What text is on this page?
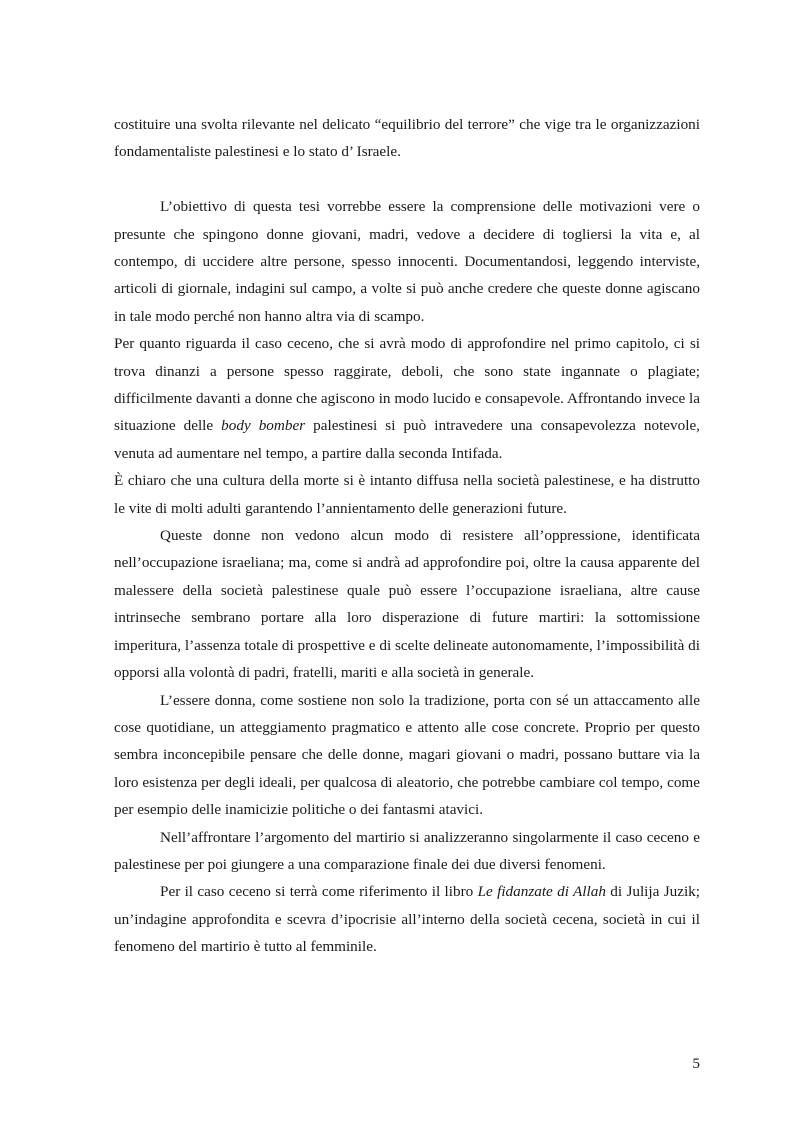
costituire una svolta rilevante nel delicato “equilibrio del terrore” che vige tra le organizzazioni fondamentaliste palestinesi e lo stato d’ Israele.

L’obiettivo di questa tesi vorrebbe essere la comprensione delle motivazioni vere o presunte che spingono donne giovani, madri, vedove a decidere di togliersi la vita e, al contempo, di uccidere altre persone, spesso innocenti. Documentandosi, leggendo interviste, articoli di giornale, indagini sul campo, a volte si può anche credere che queste donne agiscano in tale modo perché non hanno altra via di scampo.

Per quanto riguarda il caso ceceno, che si avrà modo di approfondire nel primo capitolo, ci si trova dinanzi a persone spesso raggirate, deboli, che sono state ingannate o plagiate; difficilmente davanti a donne che agiscono in modo lucido e consapevole. Affrontando invece la situazione delle body bomber palestinesi si può intravedere una consapevolezza notevole, venuta ad aumentare nel tempo, a partire dalla seconda Intifada.

È chiaro che una cultura della morte si è intanto diffusa nella società palestinese, e ha distrutto le vite di molti adulti garantendo l’annientamento delle generazioni future.

Queste donne non vedono alcun modo di resistere all’oppressione, identificata nell’occupazione israeliana; ma, come si andrà ad approfondire poi, oltre la causa apparente del malessere della società palestinese quale può essere l’occupazione israeliana, altre cause intrinseche sembrano portare alla loro disperazione di future martiri: la sottomissione imperitura, l’assenza totale di prospettive e di scelte delineate autonomamente, l’impossibilità di opporsi alla volontà di padri, fratelli, mariti e alla società in generale.

L’essere donna, come sostiene non solo la tradizione, porta con sé un attaccamento alle cose quotidiane, un atteggiamento pragmatico e attento alle cose concrete. Proprio per questo sembra inconcepibile pensare che delle donne, magari giovani o madri, possano buttare via la loro esistenza per degli ideali, per qualcosa di aleatorio, che potrebbe cambiare col tempo, come per esempio delle inamicizie politiche o dei fantasmi atavici.

Nell’affrontare l’argomento del martirio si analizzeranno singolarmente il caso ceceno e palestinese per poi giungere a una comparazione finale dei due diversi fenomeni.

Per il caso ceceno si terrà come riferimento il libro Le fidanzate di Allah di Julija Juzik; un’indagine approfondita e scevra d’ipocrisie all’interno della società cecena, società in cui il fenomeno del martirio è tutto al femminile.

5
